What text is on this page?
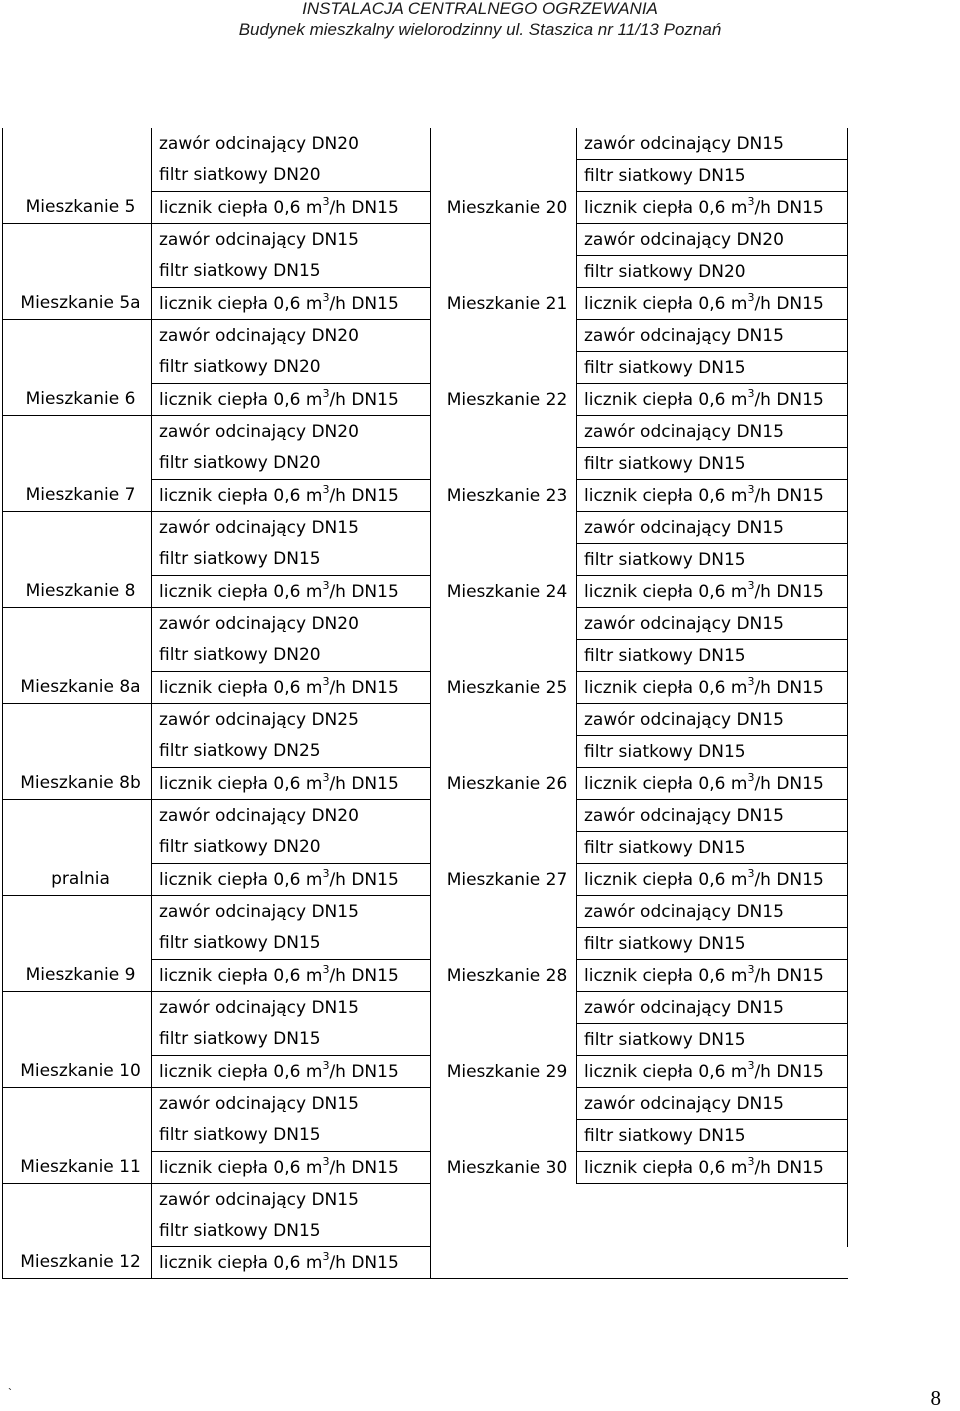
INSTALACJA CENTRALNEGO OGRZEWANIA
Budynek mieszkalny wielorodzinny ul. Staszica nr 11/13 Poznań
	zawór odcinający DN20		zawór odcinający DN15
	filtr siatkowy DN20		filtr siatkowy DN15
Mieszkanie 5	licznik ciepła 0,6 $m^3/h$ DN15	Mieszkanie 20	licznik ciepła 0,6 $m^3/h$ DN15
	zawór odcinający DN15		zawór odcinający DN20
	filtr siatkowy DN15		filtr siatkowy DN20
Mieszkanie 5a	licznik ciepła 0,6 $m^3/h$ DN15	Mieszkanie 21	licznik ciepła 0,6 $m^3/h$ DN15
	zawór odcinający DN20		zawór odcinający DN15
	filtr siatkowy DN20		filtr siatkowy DN15
Mieszkanie 6	licznik ciepła 0,6 $m^3/h$ DN15	Mieszkanie 22	licznik ciepła 0,6 $m^3/h$ DN15
	zawór odcinający DN20		zawór odcinający DN15
	filtr siatkowy DN20		filtr siatkowy DN15
Mieszkanie 7	licznik ciepła 0,6 $m^3/h$ DN15	Mieszkanie 23	licznik ciepła 0,6 $m^3/h$ DN15
	zawór odcinający DN15		zawór odcinający DN15
	filtr siatkowy DN15		filtr siatkowy DN15
Mieszkanie 8	licznik ciepła 0,6 $m^3/h$ DN15	Mieszkanie 24	licznik ciepła 0,6 $m^3/h$ DN15
	zawór odcinający DN20		zawór odcinający DN15
	filtr siatkowy DN20		filtr siatkowy DN15
Mieszkanie 8a	licznik ciepła 0,6 $m^3/h$ DN15	Mieszkanie 25	licznik ciepła 0,6 $m^3/h$ DN15
	zawór odcinający DN25		zawór odcinający DN15
	filtr siatkowy DN25		filtr siatkowy DN15
Mieszkanie 8b	licznik ciepła 0,6 $m^3/h$ DN15	Mieszkanie 26	licznik ciepła 0,6 $m^3/h$ DN15
	zawór odcinający DN20		zawór odcinający DN15
	filtr siatkowy DN20		filtr siatkowy DN15
pralnia	licznik ciepła 0,6 $m^3/h$ DN15	Mieszkanie 27	licznik ciepła 0,6 $m^3/h$ DN15
	zawór odcinający DN15		zawór odcinający DN15
	filtr siatkowy DN15		filtr siatkowy DN15
Mieszkanie 9	licznik ciepła 0,6 $m^3/h$ DN15	Mieszkanie 28	licznik ciepła 0,6 $m^3/h$ DN15
	zawór odcinający DN15		zawór odcinający DN15
	filtr siatkowy DN15		filtr siatkowy DN15
Mieszkanie 10	licznik ciepła 0,6 $m^3/h$ DN15	Mieszkanie 29	licznik ciepła 0,6 $m^3/h$ DN15
	zawór odcinający DN15		zawór odcinający DN15
	filtr siatkowy DN15		filtr siatkowy DN15
Mieszkanie 11	licznik ciepła 0,6 $m^3/h$ DN15	Mieszkanie 30	licznik ciepła 0,6 $m^3/h$ DN15
	zawór odcinający DN15		
	filtr siatkowy DN15		
Mieszkanie 12	licznik ciepła 0,6 $m^3/h$ DN15		
`	8
